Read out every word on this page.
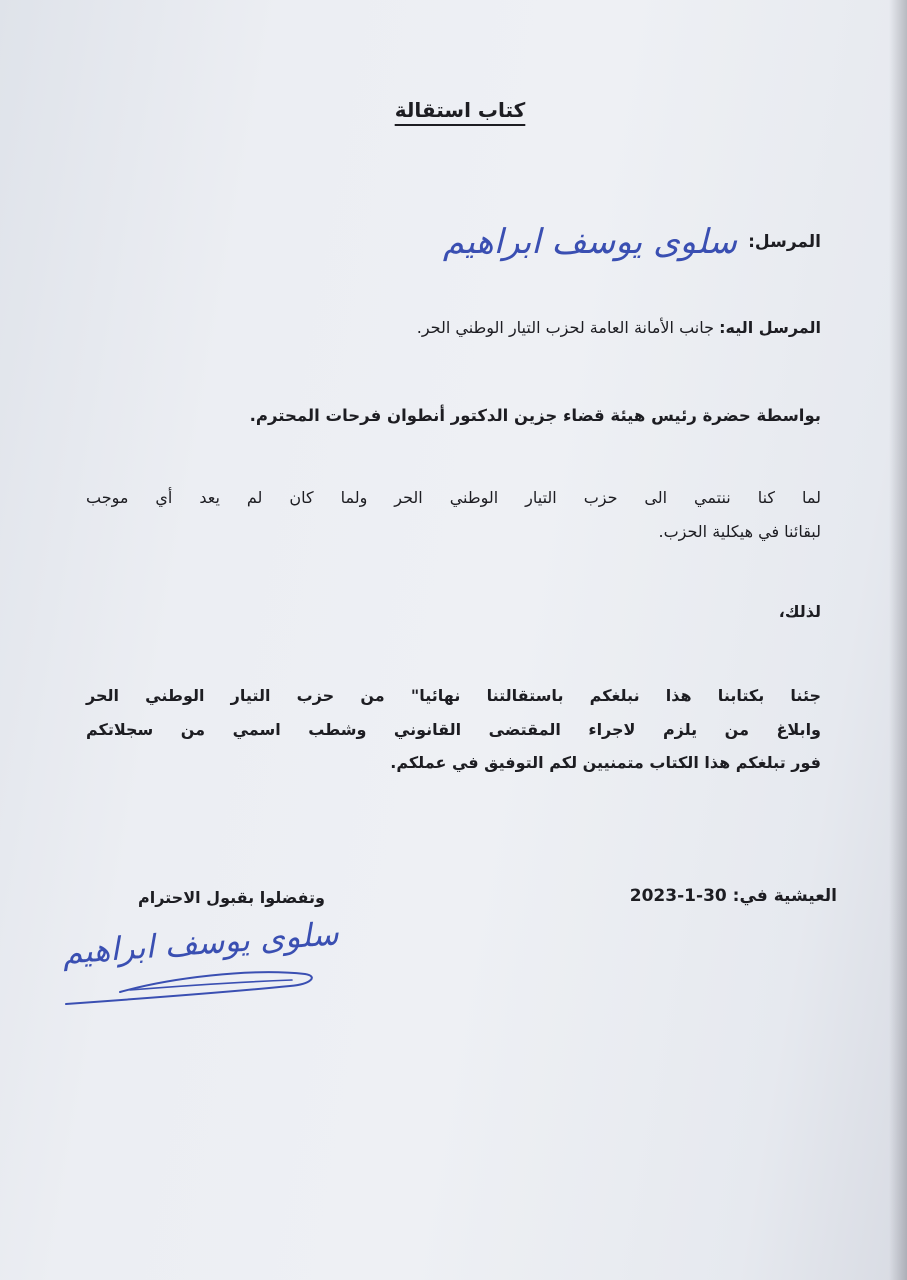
كتاب استقالة
المرسل:
سلوى يوسف ابراهيم
المرسل اليه: جانب الأمانة العامة لحزب التيار الوطني الحر.
بواسطة حضرة رئيس هيئة قضاء جزين الدكتور أنطوان فرحات المحترم.
لما كنا ننتمي الى حزب التيار الوطني الحر ولما كان لم يعد أي موجب
لبقائنا في هيكلية الحزب.
لذلك،
جئنا بكتابنا هذا نبلغكم باستقالتنا نهائيا" من حزب التيار الوطني الحر
وابلاغ من يلزم لاجراء المقتضى القانوني وشطب اسمي من سجلاتكم
فور تبلغكم هذا الكتاب متمنيين لكم التوفيق في عملكم.
العيشية في: 30-1-2023
وتفضلوا بقبول الاحترام
سلوى يوسف ابراهيم
